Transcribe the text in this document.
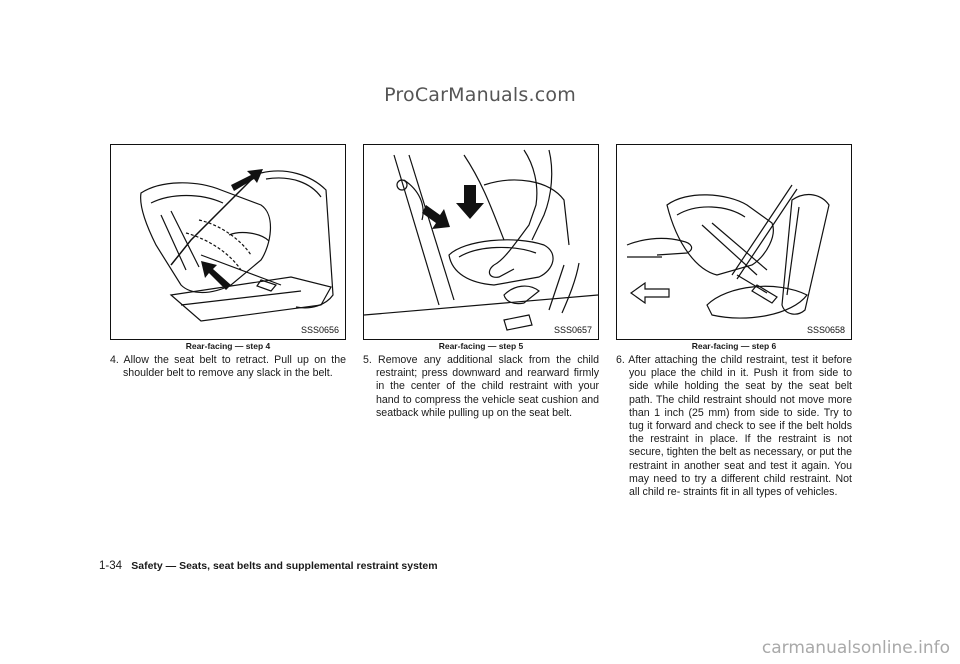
ProCarManuals.com
SSS0656
Rear-facing — step 4

4. Allow the seat belt to retract. Pull up on the shoulder belt to remove any slack in the belt.

SSS0657
Rear-facing — step 5

5. Remove any additional slack from the child restraint; press downward and rearward firmly in the center of the child restraint with your hand to compress the vehicle seat cushion and seatback while pulling up on the seat belt.

SSS0658
Rear-facing — step 6

6. After attaching the child restraint, test it before you place the child in it. Push it from side to side while holding the seat by the seat belt path. The child restraint should not move more than 1 inch (25 mm) from side to side. Try to tug it forward and check to see if the belt holds the restraint in place. If the restraint is not secure, tighten the belt as necessary, or put the restraint in another seat and test it again. You may need to try a different child restraint. Not all child re- straints fit in all types of vehicles.

1-34 Safety — Seats, seat belts and supplemental restraint system
carmanualsonline.info
